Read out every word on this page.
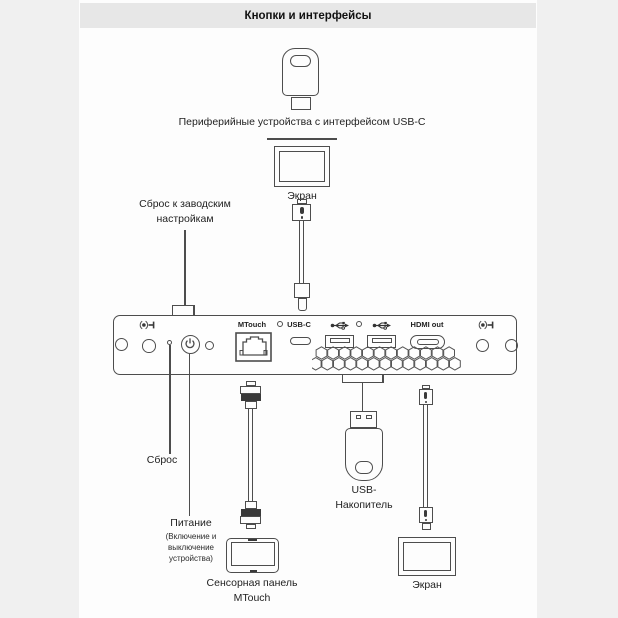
Кнопки и интерфейсы
Периферийные устройства с интерфейсом USB-C
Экран
Сброс к заводским
настройкам
MTouch	USB-C	HDMI out
Сброс
Питание
(Включение и
выключение
устройства)
Сенсорная панель
MTouch
USB-
Накопитель
Экран
